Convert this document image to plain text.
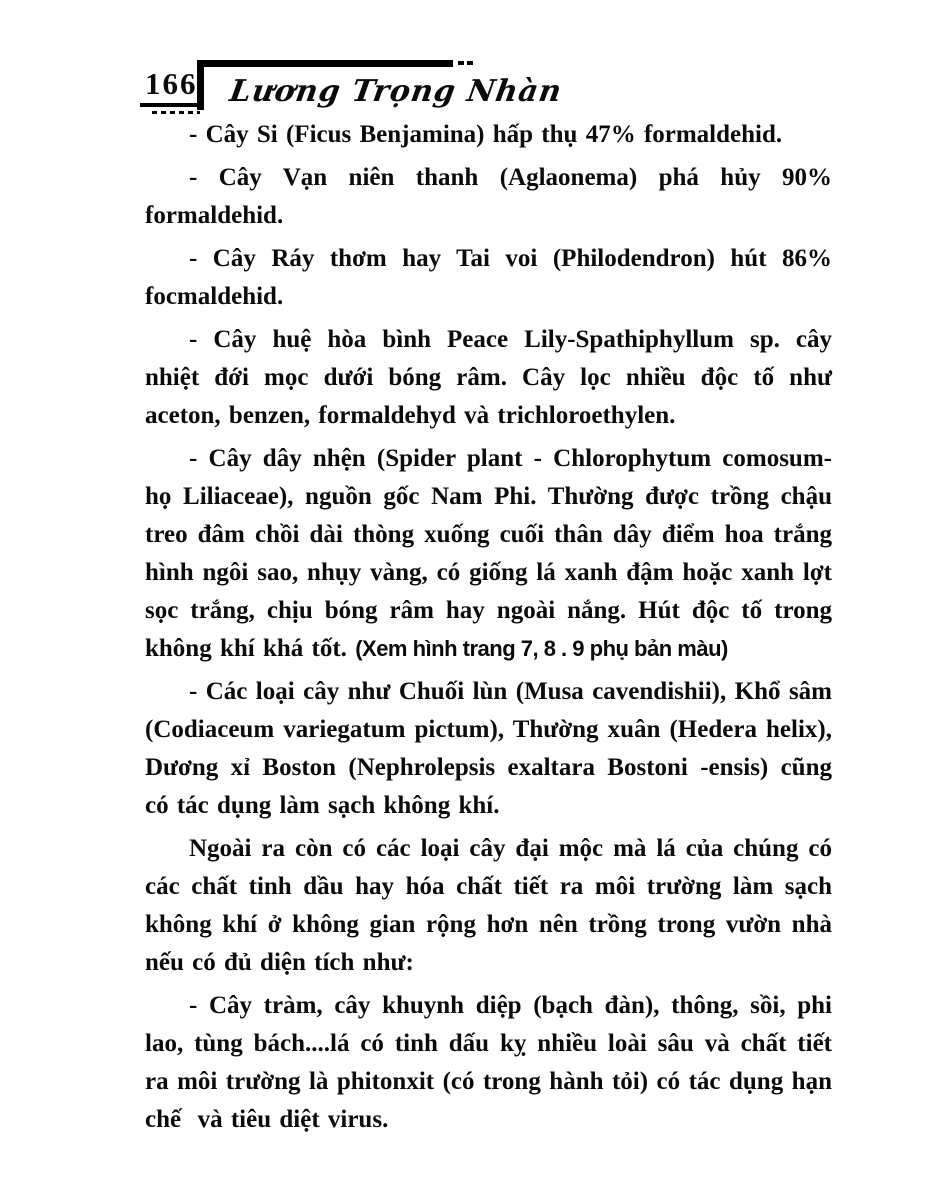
166 Lương Trọng Nhàn

- Cây Si (Ficus Benjamina) hấp thụ 47% formaldehid.

- Cây Vạn niên thanh (Aglaonema) phá hủy 90% formaldehid.

- Cây Ráy thơm hay Tai voi (Philodendron) hút 86% focmaldehid.

- Cây huệ hòa bình Peace Lily-Spathiphyllum sp. cây nhiệt đới mọc dưới bóng râm. Cây lọc nhiều độc tố như aceton, benzen, formaldehyd và trichloroethylen.

- Cây dây nhện (Spider plant - Chlorophytum comosum- họ Liliaceae), nguồn gốc Nam Phi. Thường được trồng chậu treo đâm chồi dài thòng xuống cuối thân dây điểm hoa trắng hình ngôi sao, nhụy vàng, có giống lá xanh đậm hoặc xanh lợt sọc trắng, chịu bóng râm hay ngoài nắng. Hút độc tố trong không khí khá tốt. (Xem hình trang 7, 8 . 9 phụ bản màu)

- Các loại cây như Chuối lùn (Musa cavendishii), Khổ sâm (Codiaceum variegatum pictum), Thường xuân (Hedera helix), Dương xỉ Boston (Nephrolepsis exaltara Bostoni -ensis) cũng có tác dụng làm sạch không khí.

Ngoài ra còn có các loại cây đại mộc mà lá của chúng có các chất tinh dầu hay hóa chất tiết ra môi trường làm sạch không khí ở không gian rộng hơn nên trồng trong vườn nhà nếu có đủ diện tích như:

- Cây tràm, cây khuynh diệp (bạch đàn), thông, sồi, phi lao, tùng bách....lá có tinh dấu kỵ nhiều loài sâu và chất tiết ra môi trường là phitonxit (có trong hành tỏi) có tác dụng hạn chế  và tiêu diệt virus.
